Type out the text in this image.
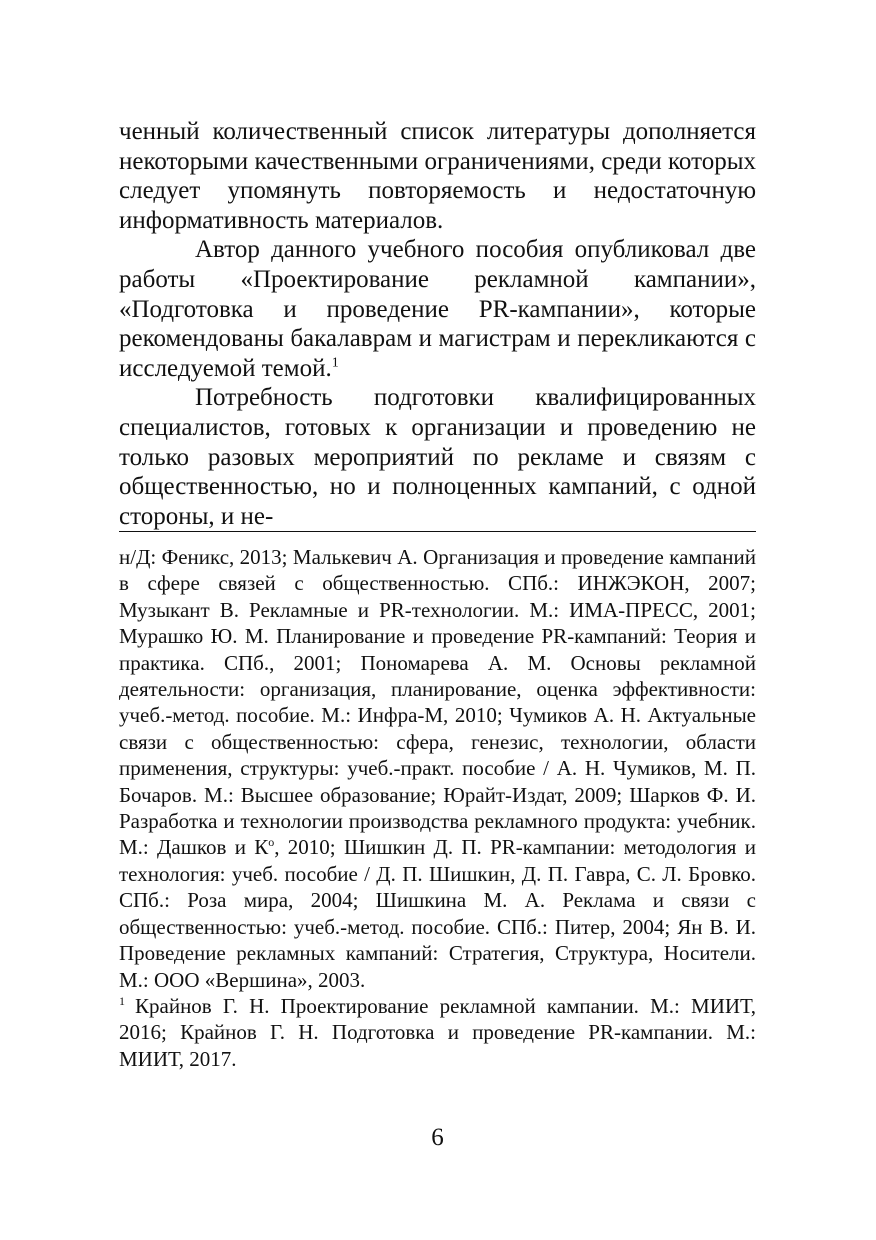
ченный количественный список литературы дополняется некоторыми качественными ограничениями, среди которых следует упомянуть повторяемость и недостаточную информативность материалов.

Автор данного учебного пособия опубликовал две работы «Проектирование рекламной кампании», «Подготовка и проведение PR-кампании», которые рекомендованы бакалаврам и магистрам и перекликаются с исследуемой темой.$^1$

Потребность подготовки квалифицированных специалистов, готовых к организации и проведению не только разовых мероприятий по рекламе и связям с общественностью, но и полноценных кампаний, с одной стороны, и не-

н/Д: Феникс, 2013; Малькевич А. Организация и проведение кампаний в сфере связей с общественностью. СПб.: ИНЖЭКОН, 2007; Музыкант В. Рекламные и PR-технологии. М.: ИМА-ПРЕСС, 2001; Мурашко Ю. М. Планирование и проведение PR-кампаний: Теория и практика. СПб., 2001; Пономарева А. М. Основы рекламной деятельности: организация, планирование, оценка эффективности: учеб.-метод. пособие. М.: Инфра-М, 2010; Чумиков А. Н. Актуальные связи с общественностью: сфера, генезис, технологии, области применения, структуры: учеб.-практ. пособие / А. Н. Чумиков, М. П. Бочаров. М.: Высшее образование; Юрайт-Издат, 2009; Шарков Ф. И. Разработка и технологии производства рекламного продукта: учебник. М.: Дашков и $К^о$, 2010; Шишкин Д. П. PR-кампании: методология и технология: учеб. пособие / Д. П. Шишкин, Д. П. Гавра, С. Л. Бровко. СПб.: Роза мира, 2004; Шишкина М. А. Реклама и связи с общественностью: учеб.-метод. пособие. СПб.: Питер, 2004; Ян В. И. Проведение рекламных кампаний: Стратегия, Структура, Носители. М.: ООО «Вершина», 2003.

$^1$ Крайнов Г. Н. Проектирование рекламной кампании. М.: МИИТ, 2016; Крайнов Г. Н. Подготовка и проведение PR-кампании. М.: МИИТ, 2017.

6
